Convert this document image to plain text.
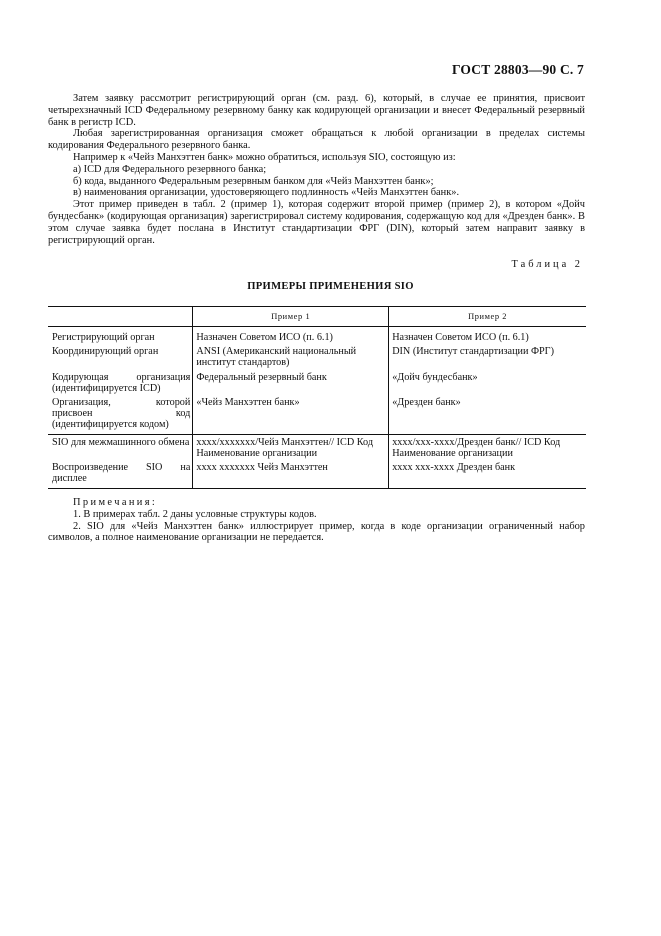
ГОСТ 28803—90 С. 7

Затем заявку рассмотрит регистрирующий орган (см. разд. 6), который, в случае ее принятия, присвоит четырехзначный ICD Федеральному резервному банку как кодирующей организации и внесет Федеральный резервный банк в регистр ICD.

Любая зарегистрированная организация сможет обращаться к любой организации в пределах системы кодирования Федерального резервного банка.

Например к «Чейз Манхэттен банк» можно обратиться, используя SIO, состоящую из:

а) ICD для Федерального резервного банка;

б) кода, выданного Федеральным резервным банком для «Чейз Манхэттен банк»;

в) наименования организации, удостоверяющего подлинность «Чейз Манхэттен банк».

Этот пример приведен в табл. 2 (пример 1), которая содержит второй пример (пример 2), в котором «Дойч бундесбанк» (кодирующая организация) зарегистрировал систему кодирования, содержащую код для «Дрезден банк». В этом случае заявка будет послана в Институт стандартизации ФРГ (DIN), который затем направит заявку в регистрирующий орган.

Таблица 2
ПРИМЕРЫ ПРИМЕНЕНИЯ SIO
	Пример 1	Пример 2
Регистрирующий орган	Назначен Советом ИСО (п. 6.1)	Назначен Советом ИСО (п. 6.1)
Координирующий орган	ANSI (Американский национальный институт стандартов)	DIN (Институт стандартизации ФРГ)
Кодирующая организация (идентифицируется ICD)	Федеральный резервный банк	«Дойч бундесбанк»
Организация, которой присвоен код (идентифицируется кодом)	«Чейз Манхэттен банк»	«Дрезден банк»
SIO для межмашинного обмена	xxxx/xxxxxxx/Чейз Манхэттен// ICD Код Наименование организации	xxxx/xxx-xxxx/Дрезден банк// ICD Код Наименование организации
Воспроизведение SIO на дисплее	xxxx xxxxxxx Чейз Манхэттен	xxxx xxx-xxxx Дрезден банк

Примечания:

1. В примерах табл. 2 даны условные структуры кодов.

2. SIO для «Чейз Манхэттен банк» иллюстрирует пример, когда в коде организации ограниченный набор символов, а полное наименование организации не передается.
